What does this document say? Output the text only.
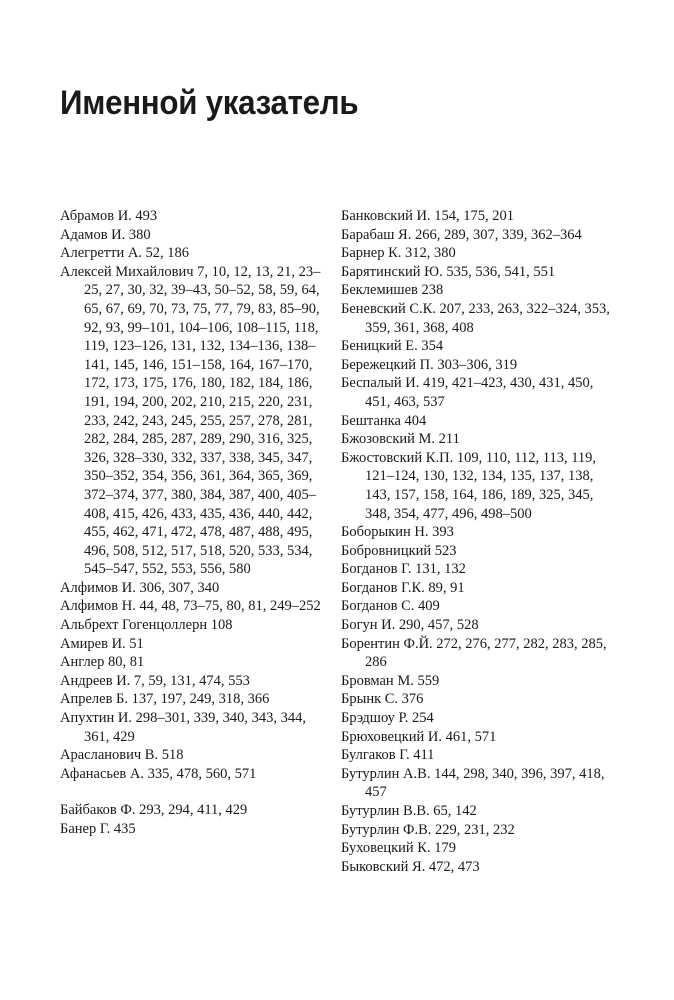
Именной указатель
Абрамов И. 493
Адамов И. 380
Алегретти А. 52, 186
Алексей Михайлович 7, 10, 12, 13, 21, 23–25, 27, 30, 32, 39–43, 50–52, 58, 59, 64, 65, 67, 69, 70, 73, 75, 77, 79, 83, 85–90, 92, 93, 99–101, 104–106, 108–115, 118, 119, 123–126, 131, 132, 134–136, 138–141, 145, 146, 151–158, 164, 167–170, 172, 173, 175, 176, 180, 182, 184, 186, 191, 194, 200, 202, 210, 215, 220, 231, 233, 242, 243, 245, 255, 257, 278, 281, 282, 284, 285, 287, 289, 290, 316, 325, 326, 328–330, 332, 337, 338, 345, 347, 350–352, 354, 356, 361, 364, 365, 369, 372–374, 377, 380, 384, 387, 400, 405–408, 415, 426, 433, 435, 436, 440, 442, 455, 462, 471, 472, 478, 487, 488, 495, 496, 508, 512, 517, 518, 520, 533, 534, 545–547, 552, 553, 556, 580
Алфимов И. 306, 307, 340
Алфимов Н. 44, 48, 73–75, 80, 81, 249–252
Альбрехт Гогенцоллерн 108
Амирев И. 51
Англер 80, 81
Андреев И. 7, 59, 131, 474, 553
Апрелев Б. 137, 197, 249, 318, 366
Апухтин И. 298–301, 339, 340, 343, 344, 361, 429
Арасланович В. 518
Афанасьев А. 335, 478, 560, 571
Байбаков Ф. 293, 294, 411, 429
Банер Г. 435
Банковский И. 154, 175, 201
Барабаш Я. 266, 289, 307, 339, 362–364
Барнер К. 312, 380
Барятинский Ю. 535, 536, 541, 551
Беклемишев 238
Беневский С.К. 207, 233, 263, 322–324, 353, 359, 361, 368, 408
Беницкий Е. 354
Бережецкий П. 303–306, 319
Беспалый И. 419, 421–423, 430, 431, 450, 451, 463, 537
Бештанка 404
Бжозовский М. 211
Бжостовский К.П. 109, 110, 112, 113, 119, 121–124, 130, 132, 134, 135, 137, 138, 143, 157, 158, 164, 186, 189, 325, 345, 348, 354, 477, 496, 498–500
Боборыкин Н. 393
Бобровницкий 523
Богданов Г. 131, 132
Богданов Г.К. 89, 91
Богданов С. 409
Богун И. 290, 457, 528
Борентин Ф.Й. 272, 276, 277, 282, 283, 285, 286
Бровман М. 559
Брынк С. 376
Брэдшоу Р. 254
Брюховецкий И. 461, 571
Булгаков Г. 411
Бутурлин А.В. 144, 298, 340, 396, 397, 418, 457
Бутурлин В.В. 65, 142
Бутурлин Ф.В. 229, 231, 232
Буховецкий К. 179
Быковский Я. 472, 473
